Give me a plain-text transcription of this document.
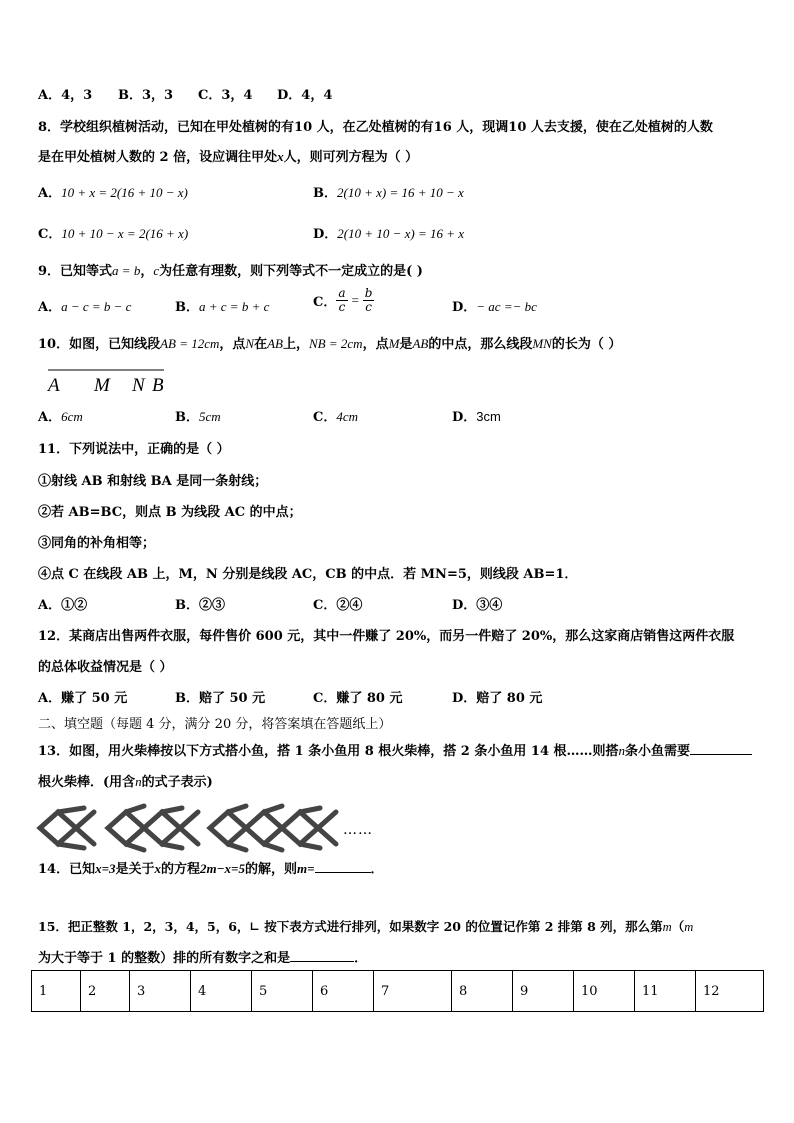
A．4，3 B．3，3 C．3，4 D．4，4
8．学校组织植树活动，已知在甲处植树的有10 人，在乙处植树的有16 人，现调10 人去支援，使在乙处植树的人数
是在甲处植树人数的 2 倍，设应调往甲处x人，则可列方程为（ ）
A．10 + x = 2(16 + 10 − x)	B．2(10 + x) = 16 + 10 − x
C．10 + 10 − x = 2(16 + x)	D．2(10 + 10 − x) = 16 + x
9．已知等式a = b，c为任意有理数，则下列等式不一定成立的是( )
A．a − c = b − c	B．a + c = b + c	C． $\frac{a}{c} = \frac{b}{c}$	D．− ac =− bc
10．如图，已知线段AB = 12cm，点N在AB上，NB = 2cm，点M是AB的中点，那么线段MN的长为（ ）
A M N B
A．6cm	B．5cm	C．4cm	D．3cm
11．下列说法中，正确的是（ ）
①射线 AB 和射线 BA 是同一条射线；
②若 AB=BC，则点 B 为线段 AC 的中点；
③同角的补角相等；
④点 C 在线段 AB 上，M，N 分别是线段 AC，CB 的中点．若 MN=5，则线段 AB=1．
A．①②	B．②③	C．②④	D．③④
12．某商店出售两件衣服，每件售价 600 元，其中一件赚了 20%，而另一件赔了 20%，那么这家商店销售这两件衣服
的总体收益情况是（ ）
A．赚了 50 元	B．赔了 50 元	C．赚了 80 元	D．赔了 80 元
二、填空题（每题 4 分，满分 20 分，将答案填在答题纸上）
13．如图，用火柴棒按以下方式搭小鱼，搭 1 条小鱼用 8 根火柴棒，搭 2 条小鱼用 14 根……则搭n条小鱼需要
根火柴棒．(用含n的式子表示)
……
14．已知x=3是关于x的方程2m−x=5的解，则m=	．
15．把正整数 1，2，3，4，5，6，∟ 按下表方式进行排列，如果数字 20 的位置记作第 2 排第 8 列，那么第m（m
为大于等于 1 的整数）排的所有数字之和是	．
1	2	3	4	5	6	7	8	9	10	11	12
